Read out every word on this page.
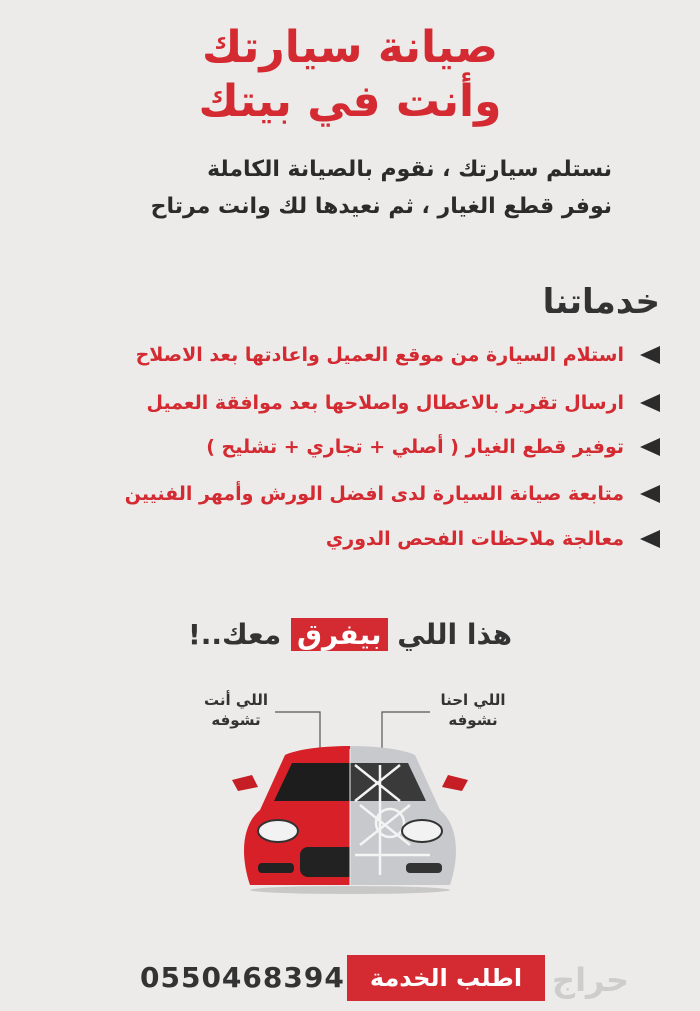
صيانة سيارتك
وأنت في بيتك
نستلم سيارتك ، نقوم بالصيانة الكاملة
نوفر قطع الغيار ، ثم نعيدها لك وانت مرتاح
خدماتنا
استلام السيارة من موقع العميل واعادتها بعد الاصلاح
ارسال تقرير بالاعطال واصلاحها بعد موافقة العميل
توفير قطع الغيار ( أصلي + تجاري + تشليح )
متابعة صيانة السيارة لدى افضل الورش وأمهر الفنيين
معالجة ملاحظات الفحص الدوري
هذا اللي بيفرق معك..!
اللي أنت
تشوفه
اللي احنا
نشوفه
0550468394	اطلب الخدمة حراج
